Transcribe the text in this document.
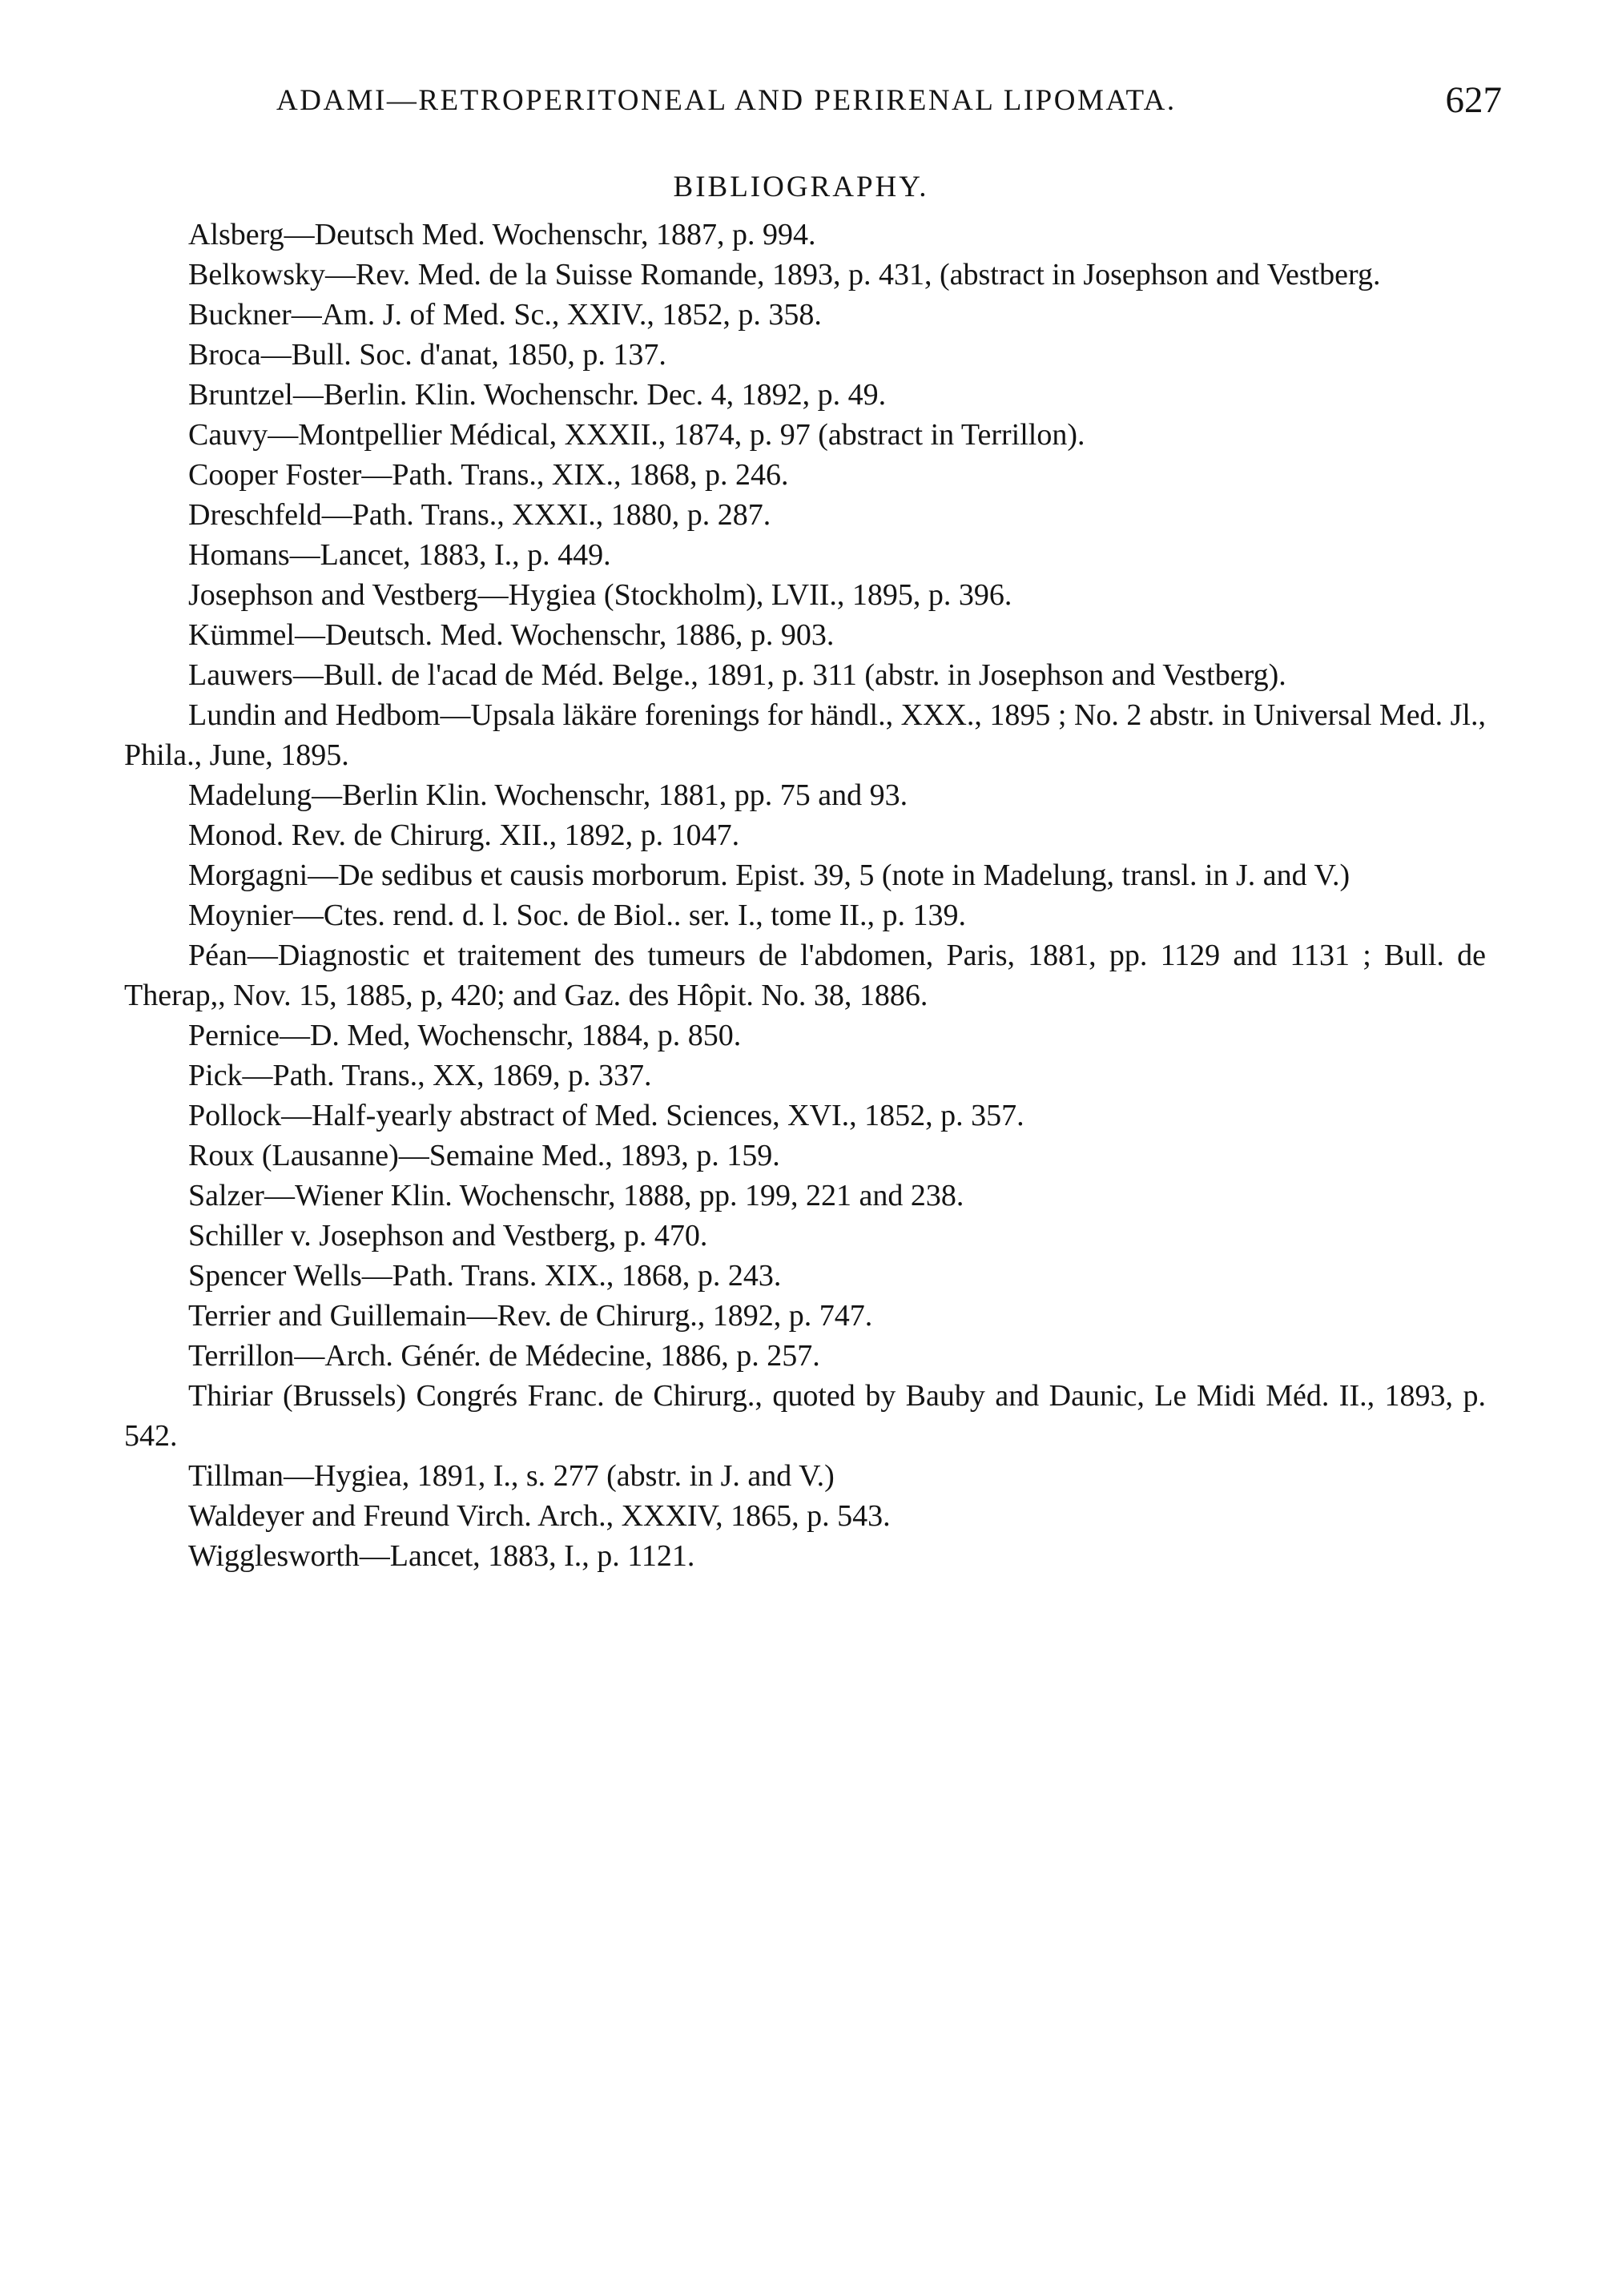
ADAMI—RETROPERITONEAL AND PERIRENAL LIPOMATA.	627
BIBLIOGRAPHY.
Alsberg—Deutsch Med. Wochenschr, 1887, p. 994.
Belkowsky—Rev. Med. de la Suisse Romande, 1893, p. 431, (abstract in Josephson and Vestberg.
Buckner—Am. J. of Med. Sc., XXIV., 1852, p. 358.
Broca—Bull. Soc. d'anat, 1850, p. 137.
Bruntzel—Berlin. Klin. Wochenschr. Dec. 4, 1892, p. 49.
Cauvy—Montpellier Médical, XXXII., 1874, p. 97 (abstract in Terrillon).
Cooper Foster—Path. Trans., XIX., 1868, p. 246.
Dreschfeld—Path. Trans., XXXI., 1880, p. 287.
Homans—Lancet, 1883, I., p. 449.
Josephson and Vestberg—Hygiea (Stockholm), LVII., 1895, p. 396.
Kümmel—Deutsch. Med. Wochenschr, 1886, p. 903.
Lauwers—Bull. de l'acad de Méd. Belge., 1891, p. 311 (abstr. in Josephson and Vestberg).
Lundin and Hedbom—Upsala läkäre forenings for händl., XXX., 1895 ; No. 2 abstr. in Universal Med. Jl., Phila., June, 1895.
Madelung—Berlin Klin. Wochenschr, 1881, pp. 75 and 93.
Monod. Rev. de Chirurg. XII., 1892, p. 1047.
Morgagni—De sedibus et causis morborum. Epist. 39, 5 (note in Madelung, transl. in J. and V.)
Moynier—Ctes. rend. d. l. Soc. de Biol.. ser. I., tome II., p. 139.
Péan—Diagnostic et traitement des tumeurs de l'abdomen, Paris, 1881, pp. 1129 and 1131 ; Bull. de Therap,, Nov. 15, 1885, p, 420; and Gaz. des Hôpit. No. 38, 1886.
Pernice—D. Med, Wochenschr, 1884, p. 850.
Pick—Path. Trans., XX, 1869, p. 337.
Pollock—Half-yearly abstract of Med. Sciences, XVI., 1852, p. 357.
Roux (Lausanne)—Semaine Med., 1893, p. 159.
Salzer—Wiener Klin. Wochenschr, 1888, pp. 199, 221 and 238.
Schiller v. Josephson and Vestberg, p. 470.
Spencer Wells—Path. Trans. XIX., 1868, p. 243.
Terrier and Guillemain—Rev. de Chirurg., 1892, p. 747.
Terrillon—Arch. Génér. de Médecine, 1886, p. 257.
Thiriar (Brussels) Congrés Franc. de Chirurg., quoted by Bauby and Daunic, Le Midi Méd. II., 1893, p. 542.
Tillman—Hygiea, 1891, I., s. 277 (abstr. in J. and V.)
Waldeyer and Freund Virch. Arch., XXXIV, 1865, p. 543.
Wigglesworth—Lancet, 1883, I., p. 1121.
